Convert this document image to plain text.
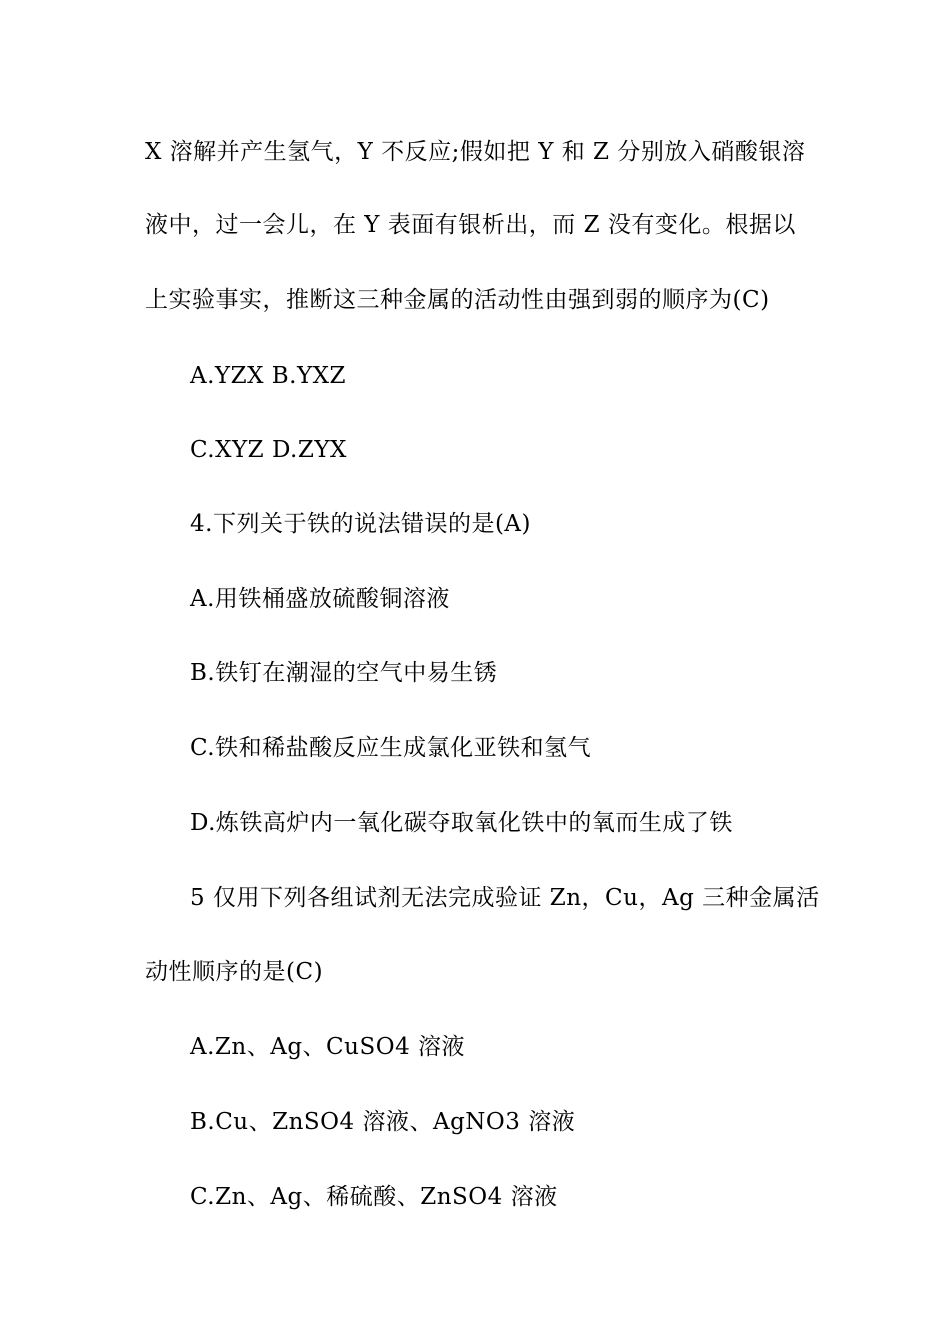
X 溶解并产生氢气，Y 不反应;假如把 Y 和 Z 分别放入硝酸银溶
液中，过一会儿，在 Y 表面有银析出，而 Z 没有变化。根据以
上实验事实，推断这三种金属的活动性由强到弱的顺序为(C)
A.YZX B.YXZ
C.XYZ D.ZYX
4.下列关于铁的说法错误的是(A)
A.用铁桶盛放硫酸铜溶液
B.铁钉在潮湿的空气中易生锈
C.铁和稀盐酸反应生成氯化亚铁和氢气
D.炼铁高炉内一氧化碳夺取氧化铁中的氧而生成了铁
5 仅用下列各组试剂无法完成验证 Zn，Cu，Ag 三种金属活
动性顺序的是(C)
A.Zn、Ag、CuSO4 溶液
B.Cu、ZnSO4 溶液、AgNO3 溶液
C.Zn、Ag、稀硫酸、ZnSO4 溶液
